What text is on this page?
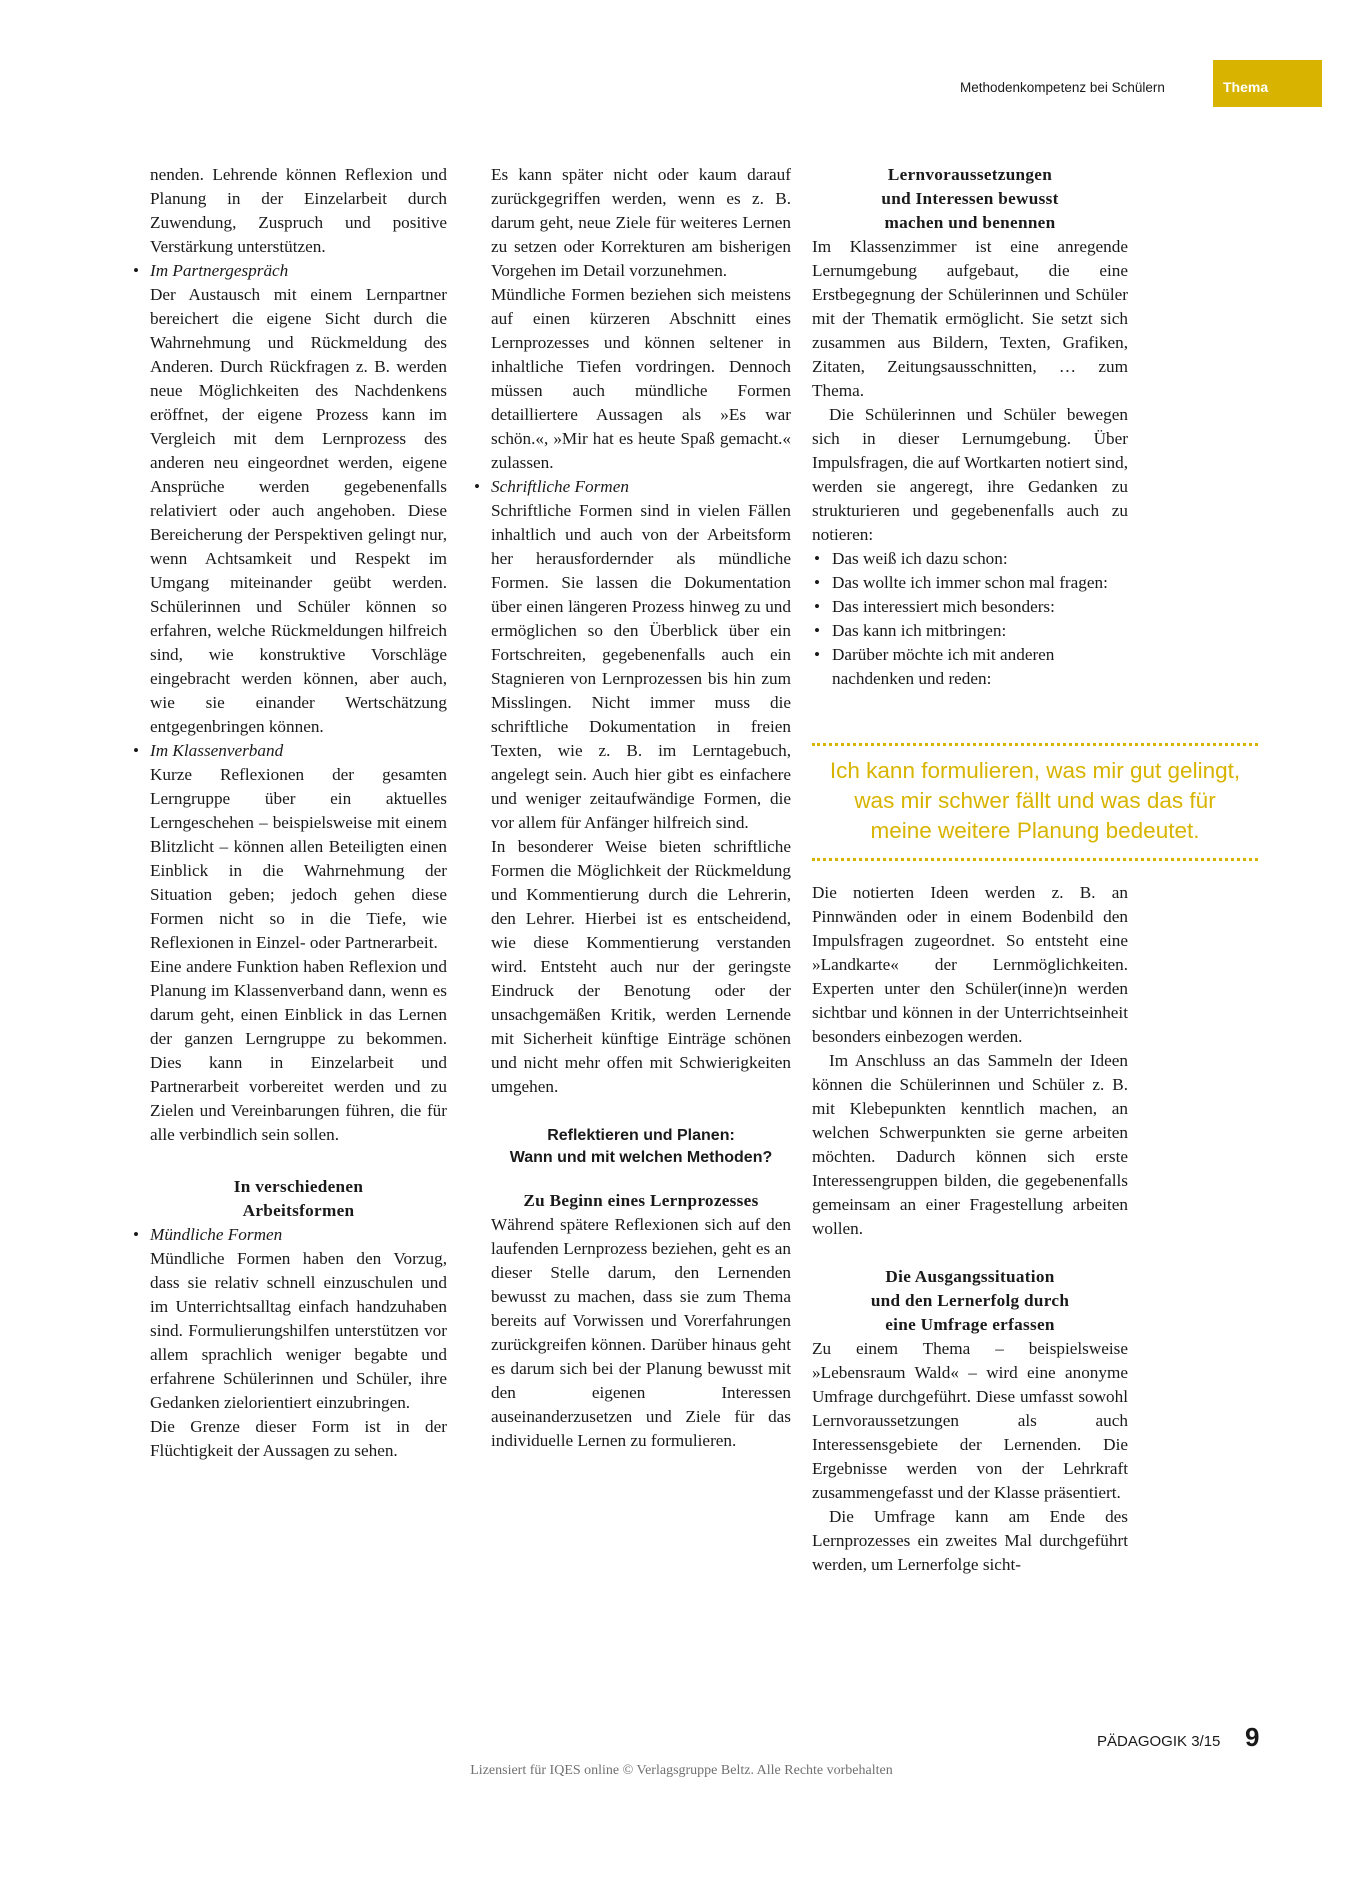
Methodenkompetenz bei Schülern	Thema

nenden. Lehrende können Reflexion und Planung in der Einzelarbeit durch Zuwendung, Zuspruch und positive Verstärkung unterstützen.

• Im Partnergespräch

Der Austausch mit einem Lernpartner bereichert die eigene Sicht durch die Wahrnehmung und Rückmeldung des Anderen. Durch Rückfragen z. B. werden neue Möglichkeiten des Nachdenkens eröffnet, der eigene Prozess kann im Vergleich mit dem Lernprozess des anderen neu eingeordnet werden, eigene Ansprüche werden gegebenenfalls relativiert oder auch angehoben. Diese Bereicherung der Perspektiven gelingt nur, wenn Achtsamkeit und Respekt im Umgang miteinander geübt werden. Schülerinnen und Schüler können so erfahren, welche Rückmeldungen hilfreich sind, wie konstruktive Vorschläge eingebracht werden können, aber auch, wie sie einander Wertschätzung entgegenbringen können.

• Im Klassenverband

Kurze Reflexionen der gesamten Lerngruppe über ein aktuelles Lerngeschehen – beispielsweise mit einem Blitzlicht – können allen Beteiligten einen Einblick in die Wahrnehmung der Situation geben; jedoch gehen diese Formen nicht so in die Tiefe, wie Reflexionen in Einzel- oder Partnerarbeit.

Eine andere Funktion haben Reflexion und Planung im Klassenverband dann, wenn es darum geht, einen Einblick in das Lernen der ganzen Lerngruppe zu bekommen. Dies kann in Einzelarbeit und Partnerarbeit vorbereitet werden und zu Zielen und Vereinbarungen führen, die für alle verbindlich sein sollen.

In verschiedenen
Arbeitsformen
• Mündliche Formen

Mündliche Formen haben den Vorzug, dass sie relativ schnell einzuschulen und im Unterrichtsalltag einfach handzuhaben sind. Formulierungshilfen unterstützen vor allem sprachlich weniger begabte und erfahrene Schülerinnen und Schüler, ihre Gedanken zielorientiert einzubringen.

Die Grenze dieser Form ist in der Flüchtigkeit der Aussagen zu sehen.

Es kann später nicht oder kaum darauf zurückgegriffen werden, wenn es z. B. darum geht, neue Ziele für weiteres Lernen zu setzen oder Korrekturen am bisherigen Vorgehen im Detail vorzunehmen.

Mündliche Formen beziehen sich meistens auf einen kürzeren Abschnitt eines Lernprozesses und können seltener in inhaltliche Tiefen vordringen. Dennoch müssen auch mündliche Formen detailliertere Aussagen als »Es war schön.«, »Mir hat es heute Spaß gemacht.« zulassen.

• Schriftliche Formen

Schriftliche Formen sind in vielen Fällen inhaltlich und auch von der Arbeitsform her herausfordernder als mündliche Formen. Sie lassen die Dokumentation über einen längeren Prozess hinweg zu und ermöglichen so den Überblick über ein Fortschreiten, gegebenenfalls auch ein Stagnieren von Lernprozessen bis hin zum Misslingen. Nicht immer muss die schriftliche Dokumentation in freien Texten, wie z. B. im Lerntagebuch, angelegt sein. Auch hier gibt es einfachere und weniger zeitaufwändige Formen, die vor allem für Anfänger hilfreich sind.

In besonderer Weise bieten schriftliche Formen die Möglichkeit der Rückmeldung und Kommentierung durch die Lehrerin, den Lehrer. Hierbei ist es entscheidend, wie diese Kommentierung verstanden wird. Entsteht auch nur der geringste Eindruck der Benotung oder der unsachgemäßen Kritik, werden Lernende mit Sicherheit künftige Einträge schönen und nicht mehr offen mit Schwierigkeiten umgehen.

Reflektieren und Planen:
Wann und mit welchen Methoden?
Zu Beginn eines Lernprozesses

Während spätere Reflexionen sich auf den laufenden Lernprozess beziehen, geht es an dieser Stelle darum, den Lernenden bewusst zu machen, dass sie zum Thema bereits auf Vorwissen und Vorerfahrungen zurückgreifen können. Darüber hinaus geht es darum sich bei der Planung bewusst mit den eigenen Interessen auseinanderzusetzen und Ziele für das individuelle Lernen zu formulieren.

Lernvoraussetzungen
und Interessen bewusst
machen und benennen

Im Klassenzimmer ist eine anregende Lernumgebung aufgebaut, die eine Erstbegegnung der Schülerinnen und Schüler mit der Thematik ermöglicht. Sie setzt sich zusammen aus Bildern, Texten, Grafiken, Zitaten, Zeitungsausschnitten, … zum Thema.

Die Schülerinnen und Schüler bewegen sich in dieser Lernumgebung. Über Impulsfragen, die auf Wortkarten notiert sind, werden sie angeregt, ihre Gedanken zu strukturieren und gegebenenfalls auch zu notieren:

• Das weiß ich dazu schon:
• Das wollte ich immer schon mal fragen:
• Das interessiert mich besonders:
• Das kann ich mitbringen:
• Darüber möchte ich mit anderen nachdenken und reden:

Die notierten Ideen werden z. B. an Pinnwänden oder in einem Bodenbild den Impulsfragen zugeordnet. So entsteht eine »Landkarte« der Lernmöglichkeiten. Experten unter den Schüler(inne)n werden sichtbar und können in der Unterrichtseinheit besonders einbezogen werden.

Im Anschluss an das Sammeln der Ideen können die Schülerinnen und Schüler z. B. mit Klebepunkten kenntlich machen, an welchen Schwerpunkten sie gerne arbeiten möchten. Dadurch können sich erste Interessengruppen bilden, die gegebenenfalls gemeinsam an einer Fragestellung arbeiten wollen.

Die Ausgangssituation
und den Lernerfolg durch
eine Umfrage erfassen

Zu einem Thema – beispielsweise »Lebensraum Wald« – wird eine anonyme Umfrage durchgeführt. Diese umfasst sowohl Lernvoraussetzungen als auch Interessensgebiete der Lernenden. Die Ergebnisse werden von der Lehrkraft zusammengefasst und der Klasse präsentiert.

Die Umfrage kann am Ende des Lernprozesses ein zweites Mal durchgeführt werden, um Lernerfolge sicht-

Ich kann formulieren, was mir gut gelingt,
was mir schwer fällt und was das für
meine weitere Planung bedeutet.
Lizensiert für IQES online © Verlagsgruppe Beltz. Alle Rechte vorbehalten
PÄDAGOGIK 3/15 9
